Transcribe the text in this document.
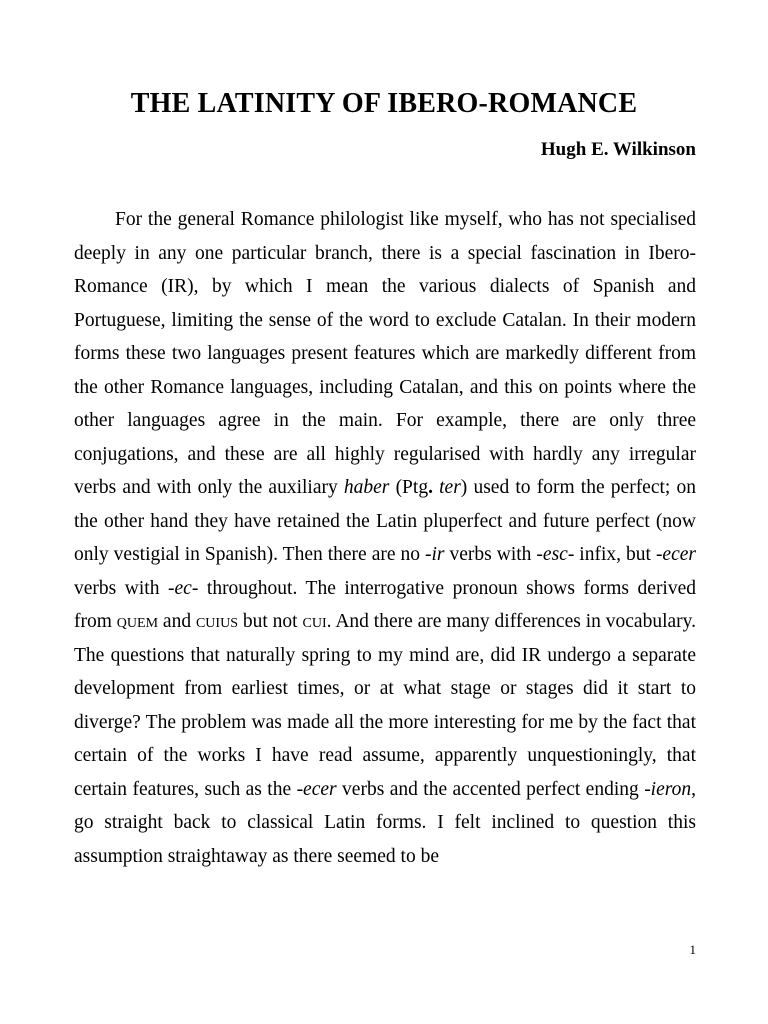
THE LATINITY OF IBERO-ROMANCE
Hugh E. Wilkinson

For the general Romance philologist like myself, who has not specialised deeply in any one particular branch, there is a special fascination in Ibero-Romance (IR), by which I mean the various dialects of Spanish and Portuguese, limiting the sense of the word to exclude Catalan. In their modern forms these two languages present features which are markedly different from the other Romance languages, including Catalan, and this on points where the other languages agree in the main. For example, there are only three conjugations, and these are all highly regularised with hardly any irregular verbs and with only the auxiliary haber (Ptg. ter) used to form the perfect; on the other hand they have retained the Latin pluperfect and future perfect (now only vestigial in Spanish). Then there are no -ir verbs with -esc- infix, but -ecer verbs with -ec- throughout. The interrogative pronoun shows forms derived from quem and cuius but not cui. And there are many differences in vocabulary. The questions that naturally spring to my mind are, did IR undergo a separate development from earliest times, or at what stage or stages did it start to diverge? The problem was made all the more interesting for me by the fact that certain of the works I have read assume, apparently unquestioningly, that certain features, such as the -ecer verbs and the accented perfect ending -ieron, go straight back to classical Latin forms. I felt inclined to question this assumption straightaway as there seemed to be

1
